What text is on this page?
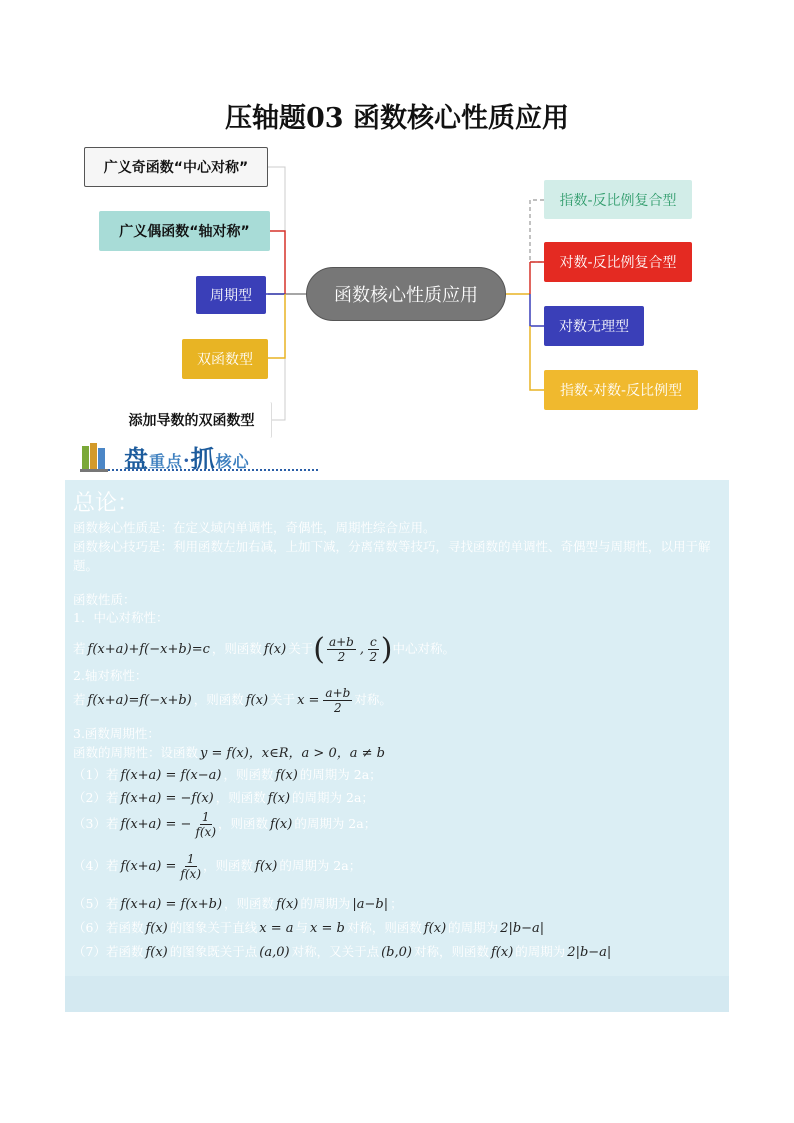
压轴题03 函数核心性质应用
广义奇函数“中心对称”
广义偶函数“轴对称”
周期型
双函数型
添加导数的双函数型
函数核心性质应用
指数-反比例复合型
对数-反比例复合型
对数无理型
指数-对数-反比例型
盘重点·抓核心
总论：
函数核心性质是：在定义域内单调性，奇偶性，周期性综合应用。
函数核心技巧是：利用函数左加右减，上加下减，分离常数等技巧，寻找函数的单调性、奇偶型与周期性，以用于解题。
函数性质：
1．中心对称性：
若 f(x+a)+f(−x+b)=c ，则函数 f(x) 关于( $\frac{a+b}{2}$ , $\frac{c}{2}$ )中心对称。
2.轴对称性：
若 f(x+a)=f(−x+b) ，则函数 f(x) 关于 $x = \frac{a+b}{2}$ 对称。
3.函数周期性：
函数的周期性：设函数 y = f(x)，x∈R，a > 0，a ≠ b
（1）若 f(x+a) = f(x−a) ，则函数 f(x) 的周期为 2a；
（2）若 f(x+a) = −f(x) ，则函数 f(x) 的周期为 2a；
（3）若 f(x+a) = − $\frac{1}{f(x)}$ ，则函数 f(x) 的周期为 2a；
（4）若 $f(x+a) = \frac{1}{f(x)}$ ，则函数 f(x) 的周期为 2a；
（5）若 f(x+a) = f(x+b) ，则函数 f(x) 的周期为 |a−b| ；
（6）若函数 f(x) 的图象关于直线 x = a 与 x = b 对称，则函数 f(x) 的周期为 2|b−a|
（7）若函数 f(x) 的图象既关于点 (a,0) 对称，又关于点 (b,0) 对称，则函数 f(x) 的周期为 2|b−a|
